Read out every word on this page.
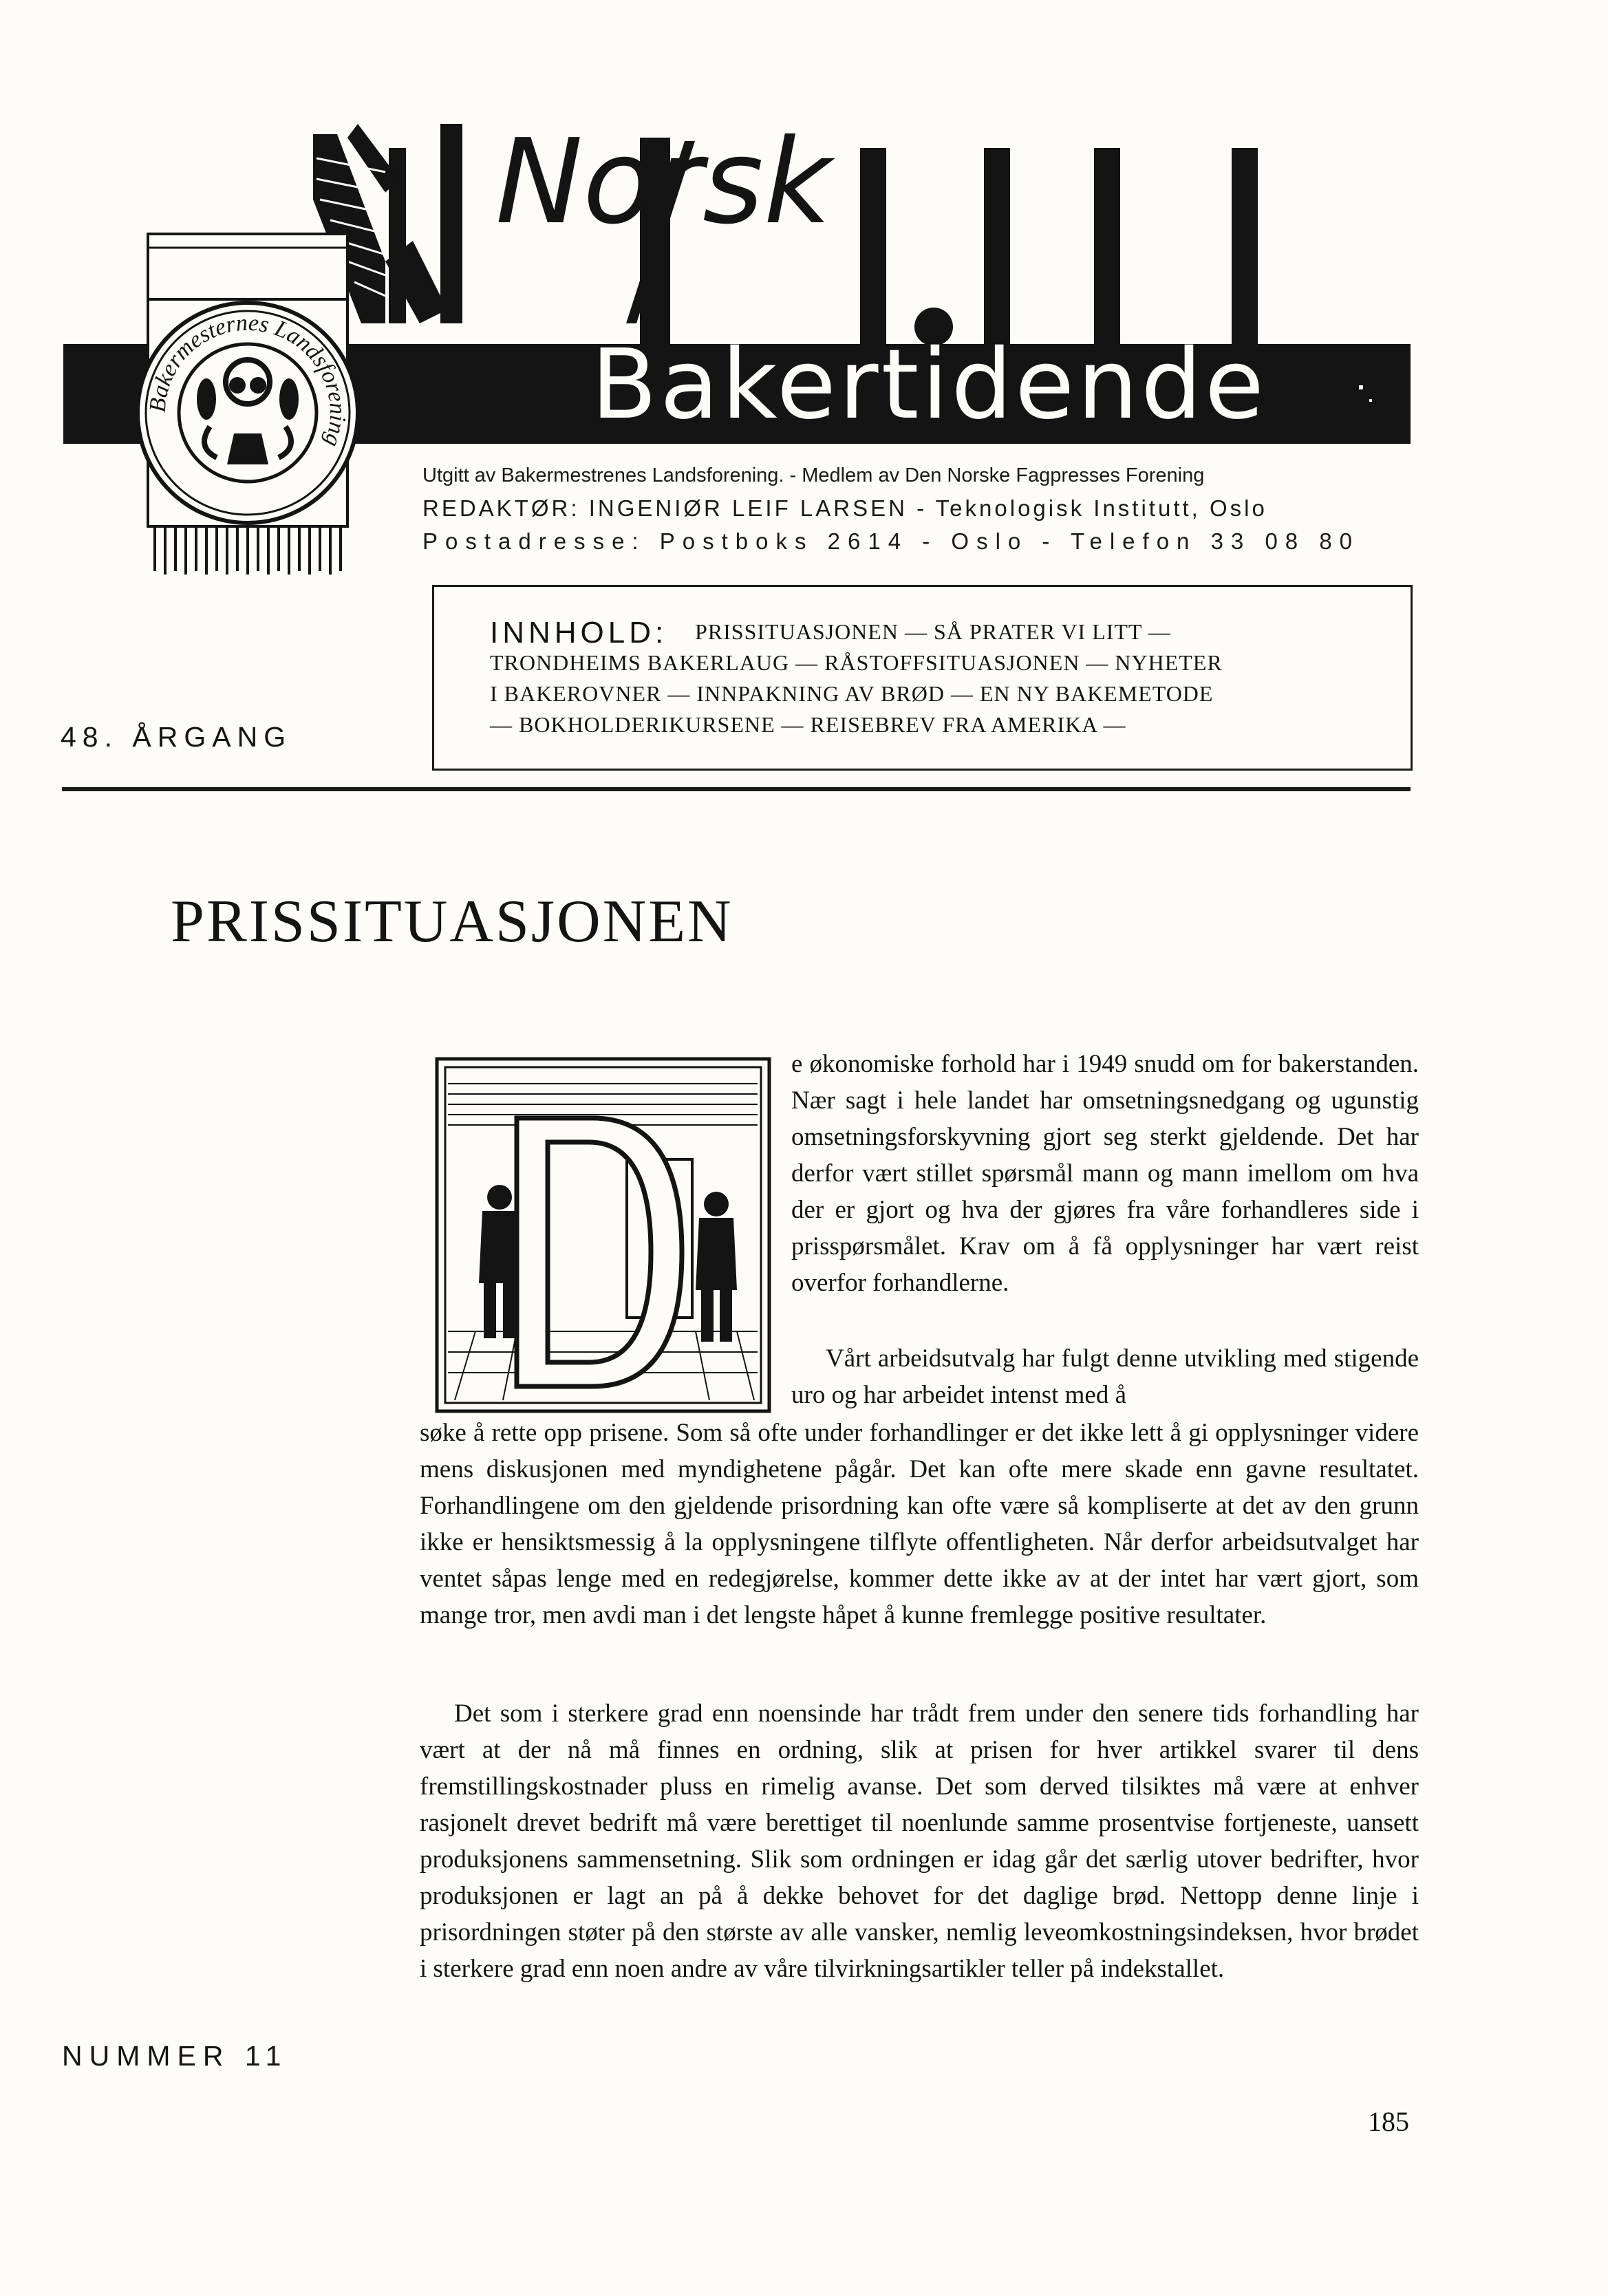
Norsk
Bakertidende
Bakermesternes Landsforening
Utgitt av Bakermestrenes Landsforening. - Medlem av Den Norske Fagpresses Forening
REDAKTØR: INGENIØR LEIF LARSEN - Teknologisk Institutt, Oslo
Postadresse: Postboks 2614 - Oslo - Telefon 33 08 80
INNHOLD: PRISSITUASJONEN — SÅ PRATER VI LITT —
TRONDHEIMS BAKERLAUG — RÅSTOFFSITUASJONEN — NYHETER
I BAKEROVNER — INNPAKNING AV BRØD — EN NY BAKEMETODE
— BOKHOLDERIKURSENE — REISEBREV FRA AMERIKA —
48. ÅRGANG
PRISSITUASJONEN
D	e økonomiske forhold har i 1949 snudd om for bakerstanden. Nær sagt i hele landet har omsetningsnedgang og ugunstig omsetningsforskyvning gjort seg sterkt gjeldende. Det har derfor vært stillet spørsmål mann og mann imellom om hva der er gjort og hva der gjøres fra våre forhandleres side i prisspørsmålet. Krav om å få opplysninger har vært reist overfor forhandlerne.

Vårt arbeidsutvalg har fulgt denne utvikling med stigende uro og har arbeidet intenst med å

søke å rette opp prisene. Som så ofte under forhandlinger er det ikke lett å gi opplysninger videre mens diskusjonen med myndighetene pågår. Det kan ofte mere skade enn gavne resultatet. Forhandlingene om den gjeldende prisordning kan ofte være så kompliserte at det av den grunn ikke er hensiktsmessig å la opplysningene tilflyte offentligheten. Når derfor arbeidsutvalget har ventet såpas lenge med en redegjørelse, kommer dette ikke av at der intet har vært gjort, som mange tror, men avdi man i det lengste håpet å kunne fremlegge positive resultater.

Det som i sterkere grad enn noensinde har trådt frem under den senere tids forhandling har vært at der nå må finnes en ordning, slik at prisen for hver artikkel svarer til dens fremstillingskostnader pluss en rimelig avanse. Det som derved tilsiktes må være at enhver rasjonelt drevet bedrift må være berettiget til noenlunde samme prosentvise fortjeneste, uansett produksjonens sammensetning. Slik som ordningen er idag går det særlig utover bedrifter, hvor produksjonen er lagt an på å dekke behovet for det daglige brød. Nettopp denne linje i prisordningen støter på den største av alle vansker, nemlig leveomkostningsindeksen, hvor brødet i sterkere grad enn noen andre av våre tilvirkningsartikler teller på indekstallet.

NUMMER 11
185
